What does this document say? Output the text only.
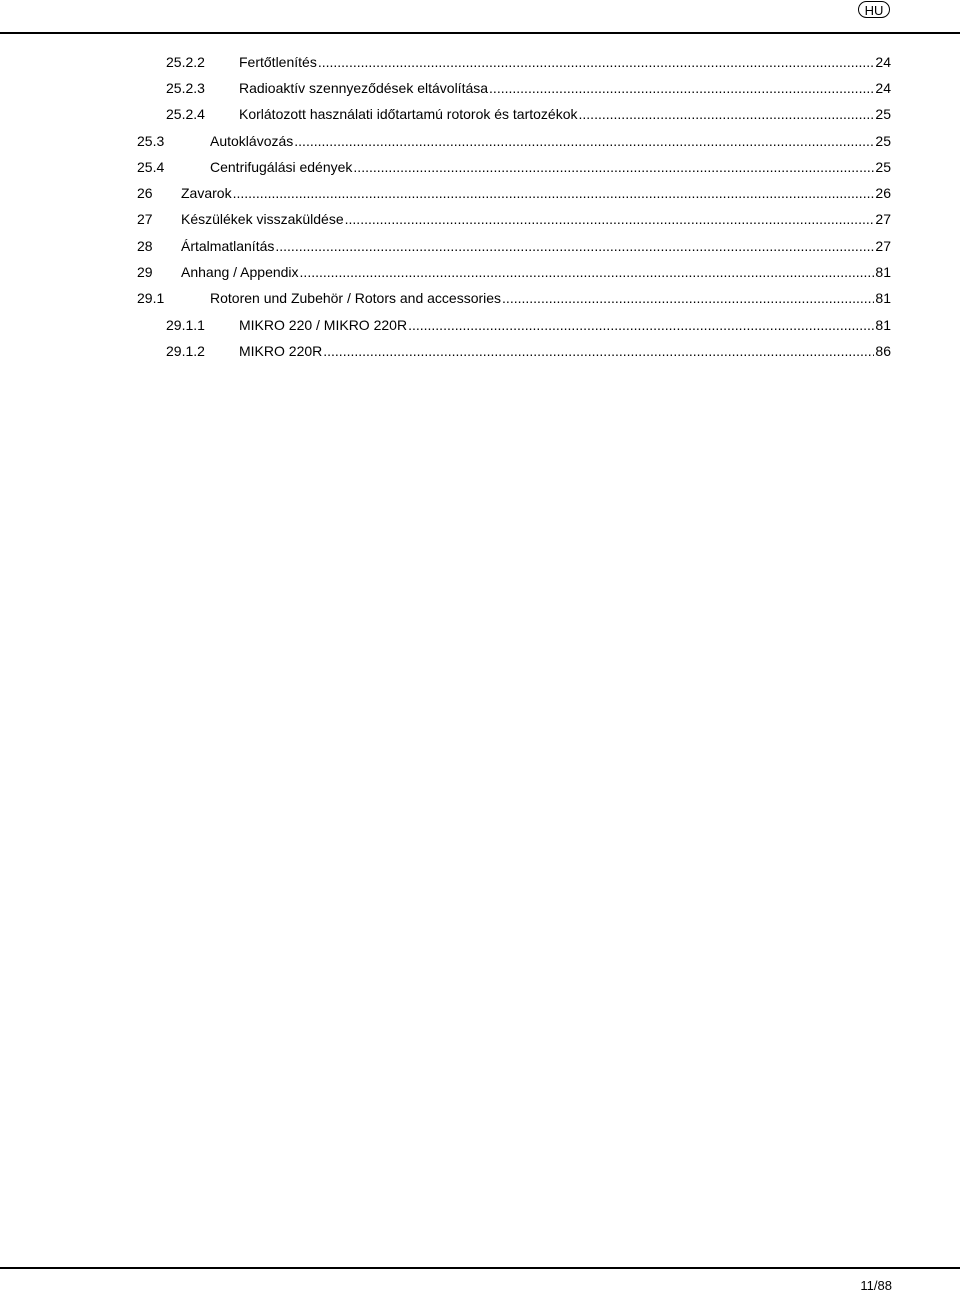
HU
25.2.2	Fertőtlenítés .....	24
25.2.3	Radioaktív szennyeződések eltávolítása .....	24
25.2.4	Korlátozott használati időtartamú rotorok és tartozékok .....	25
25.3	Autoklávozás .....	25
25.4	Centrifugálási edények .....	25
26	Zavarok .....	26
27	Készülékek visszaküldése .....	27
28	Ártalmatlanítás .....	27
29	Anhang / Appendix .....	81
29.1	Rotoren und Zubehör / Rotors and accessories .....	81
29.1.1	MIKRO 220 / MIKRO 220R .....	81
29.1.2	MIKRO 220R .....	86
11/88
